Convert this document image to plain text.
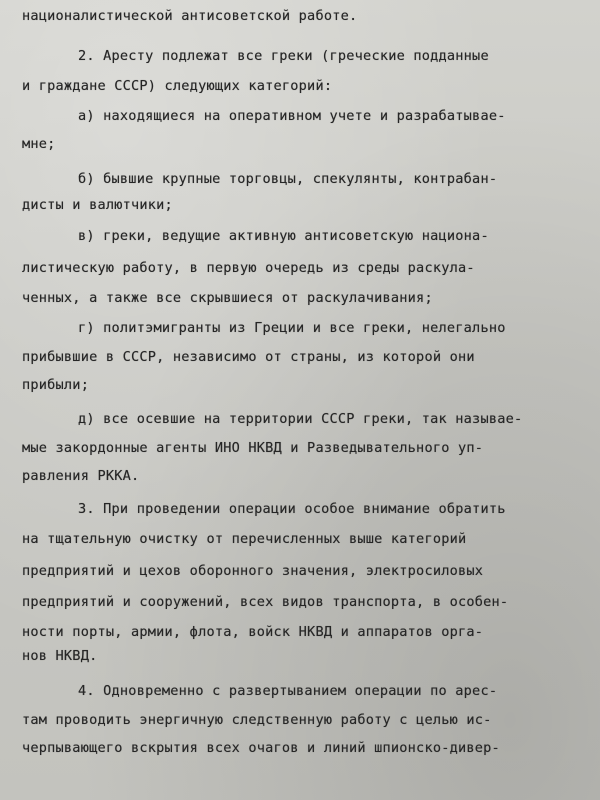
националистической антисоветской работе.
2. Аресту подлежат все греки (греческие подданные
и граждане СССР) следующих категорий:
а) находящиеся на оперативном учете и разрабатывае-
мне;
б) бывшие крупные торговцы, спекулянты, контрабан-
дисты и валютчики;
в) греки, ведущие активную антисоветскую национа-
листическую работу, в первую очередь из среды раскула-
ченных, а также все скрывшиеся от раскулачивания;
г) политэмигранты из Греции и все греки, нелегально
прибывшие в СССР, независимо от страны, из которой они
прибыли;
д) все осевшие на территории СССР греки, так называе-
мые закордонные агенты ИНО НКВД и Разведывательного уп-
равления РККА.
3. При проведении операции особое внимание обратить
на тщательную очистку от перечисленных выше категорий
предприятий и цехов оборонного значения, электросиловых
предприятий и сооружений, всех видов транспорта, в особен-
ности порты, армии, флота, войск НКВД и аппаратов орга-
нов НКВД.
4. Одновременно с развертыванием операции по арес-
там проводить энергичную следственную работу с целью ис-
черпывающего вскрытия всех очагов и линий шпионско-дивер-
